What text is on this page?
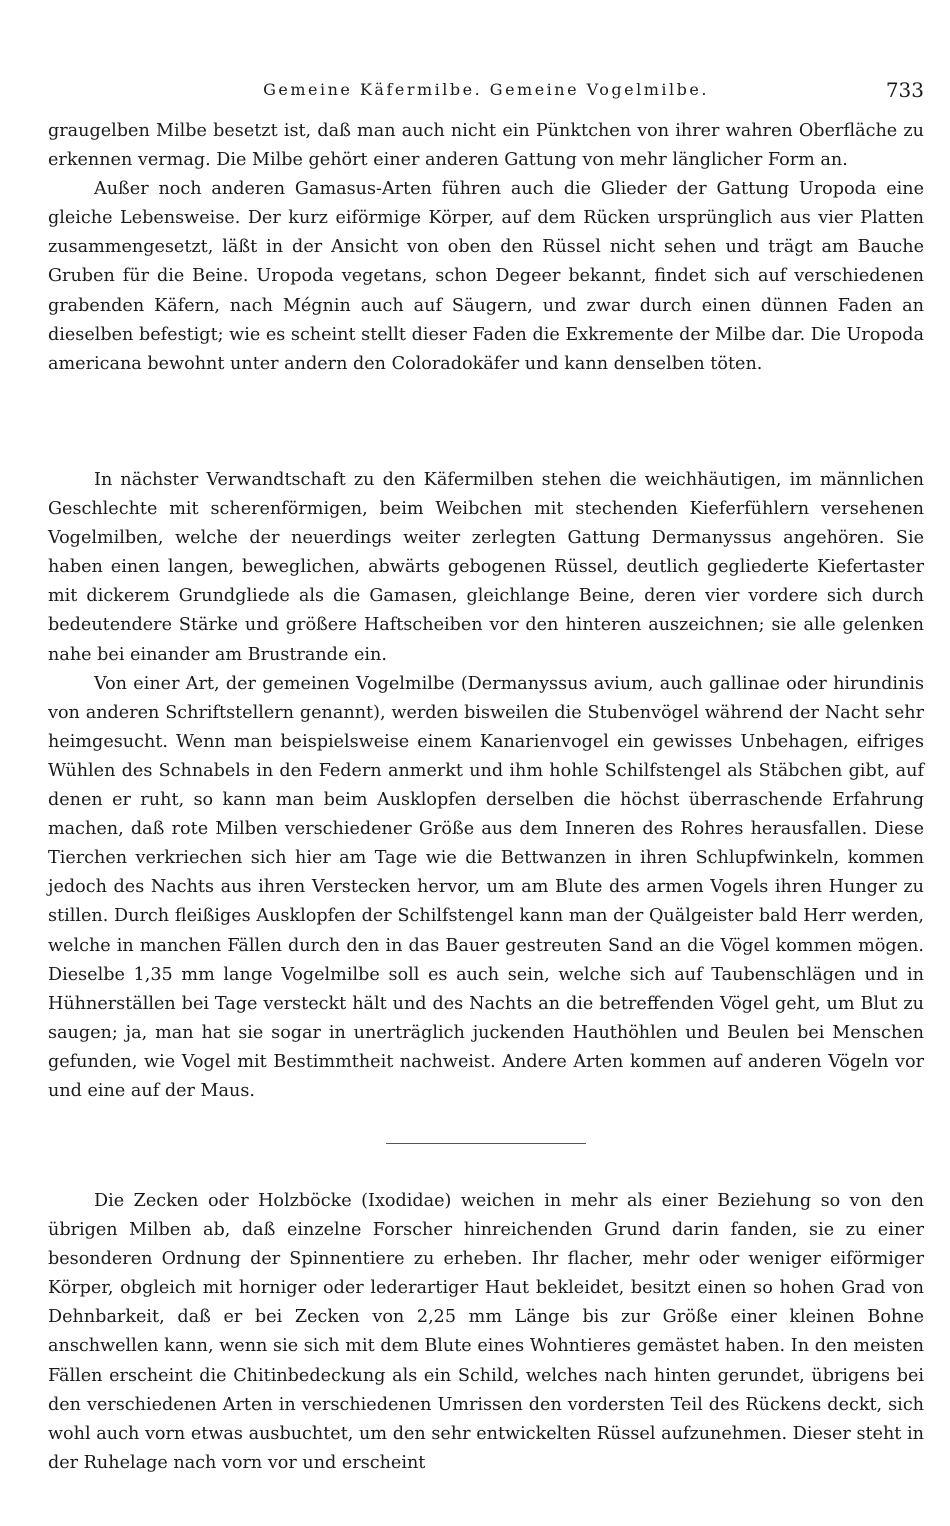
Gemeine Käfermilbe. Gemeine Vogelmilbe.	733

graugelben Milbe besetzt ist, daß man auch nicht ein Pünktchen von ihrer wahren Oberfläche zu erkennen vermag. Die Milbe gehört einer anderen Gattung von mehr länglicher Form an.

Außer noch anderen Gamasus-Arten führen auch die Glieder der Gattung Uropoda eine gleiche Lebensweise. Der kurz eiförmige Körper, auf dem Rücken ursprünglich aus vier Platten zusammengesetzt, läßt in der Ansicht von oben den Rüssel nicht sehen und trägt am Bauche Gruben für die Beine. Uropoda vegetans, schon Degeer bekannt, findet sich auf verschiedenen grabenden Käfern, nach Mégnin auch auf Säugern, und zwar durch einen dünnen Faden an dieselben befestigt; wie es scheint stellt dieser Faden die Exkremente der Milbe dar. Die Uropoda americana bewohnt unter andern den Coloradokäfer und kann denselben töten.

In nächster Verwandtschaft zu den Käfermilben stehen die weichhäutigen, im männlichen Geschlechte mit scherenförmigen, beim Weibchen mit stechenden Kieferfühlern versehenen Vogelmilben, welche der neuerdings weiter zerlegten Gattung Dermanyssus angehören. Sie haben einen langen, beweglichen, abwärts gebogenen Rüssel, deutlich gegliederte Kiefertaster mit dickerem Grundgliede als die Gamasen, gleichlange Beine, deren vier vordere sich durch bedeutendere Stärke und größere Haftscheiben vor den hinteren auszeichnen; sie alle gelenken nahe bei einander am Brustrande ein.

Von einer Art, der gemeinen Vogelmilbe (Dermanyssus avium, auch gallinae oder hirundinis von anderen Schriftstellern genannt), werden bisweilen die Stubenvögel während der Nacht sehr heimgesucht. Wenn man beispielsweise einem Kanarienvogel ein gewisses Unbehagen, eifriges Wühlen des Schnabels in den Federn anmerkt und ihm hohle Schilfstengel als Stäbchen gibt, auf denen er ruht, so kann man beim Ausklopfen derselben die höchst überraschende Erfahrung machen, daß rote Milben verschiedener Größe aus dem Inneren des Rohres herausfallen. Diese Tierchen verkriechen sich hier am Tage wie die Bettwanzen in ihren Schlupfwinkeln, kommen jedoch des Nachts aus ihren Verstecken hervor, um am Blute des armen Vogels ihren Hunger zu stillen. Durch fleißiges Ausklopfen der Schilfstengel kann man der Quälgeister bald Herr werden, welche in manchen Fällen durch den in das Bauer gestreuten Sand an die Vögel kommen mögen. Dieselbe 1,35 mm lange Vogelmilbe soll es auch sein, welche sich auf Taubenschlägen und in Hühnerställen bei Tage versteckt hält und des Nachts an die betreffenden Vögel geht, um Blut zu saugen; ja, man hat sie sogar in unerträglich juckenden Hauthöhlen und Beulen bei Menschen gefunden, wie Vogel mit Bestimmtheit nachweist. Andere Arten kommen auf anderen Vögeln vor und eine auf der Maus.

Die Zecken oder Holzböcke (Ixodidae) weichen in mehr als einer Beziehung so von den übrigen Milben ab, daß einzelne Forscher hinreichenden Grund darin fanden, sie zu einer besonderen Ordnung der Spinnentiere zu erheben. Ihr flacher, mehr oder weniger eiförmiger Körper, obgleich mit horniger oder lederartiger Haut bekleidet, besitzt einen so hohen Grad von Dehnbarkeit, daß er bei Zecken von 2,25 mm Länge bis zur Größe einer kleinen Bohne anschwellen kann, wenn sie sich mit dem Blute eines Wohntieres gemästet haben. In den meisten Fällen erscheint die Chitinbedeckung als ein Schild, welches nach hinten gerundet, übrigens bei den verschiedenen Arten in verschiedenen Umrissen den vordersten Teil des Rückens deckt, sich wohl auch vorn etwas ausbuchtet, um den sehr entwickelten Rüssel aufzunehmen. Dieser steht in der Ruhelage nach vorn vor und erscheint
